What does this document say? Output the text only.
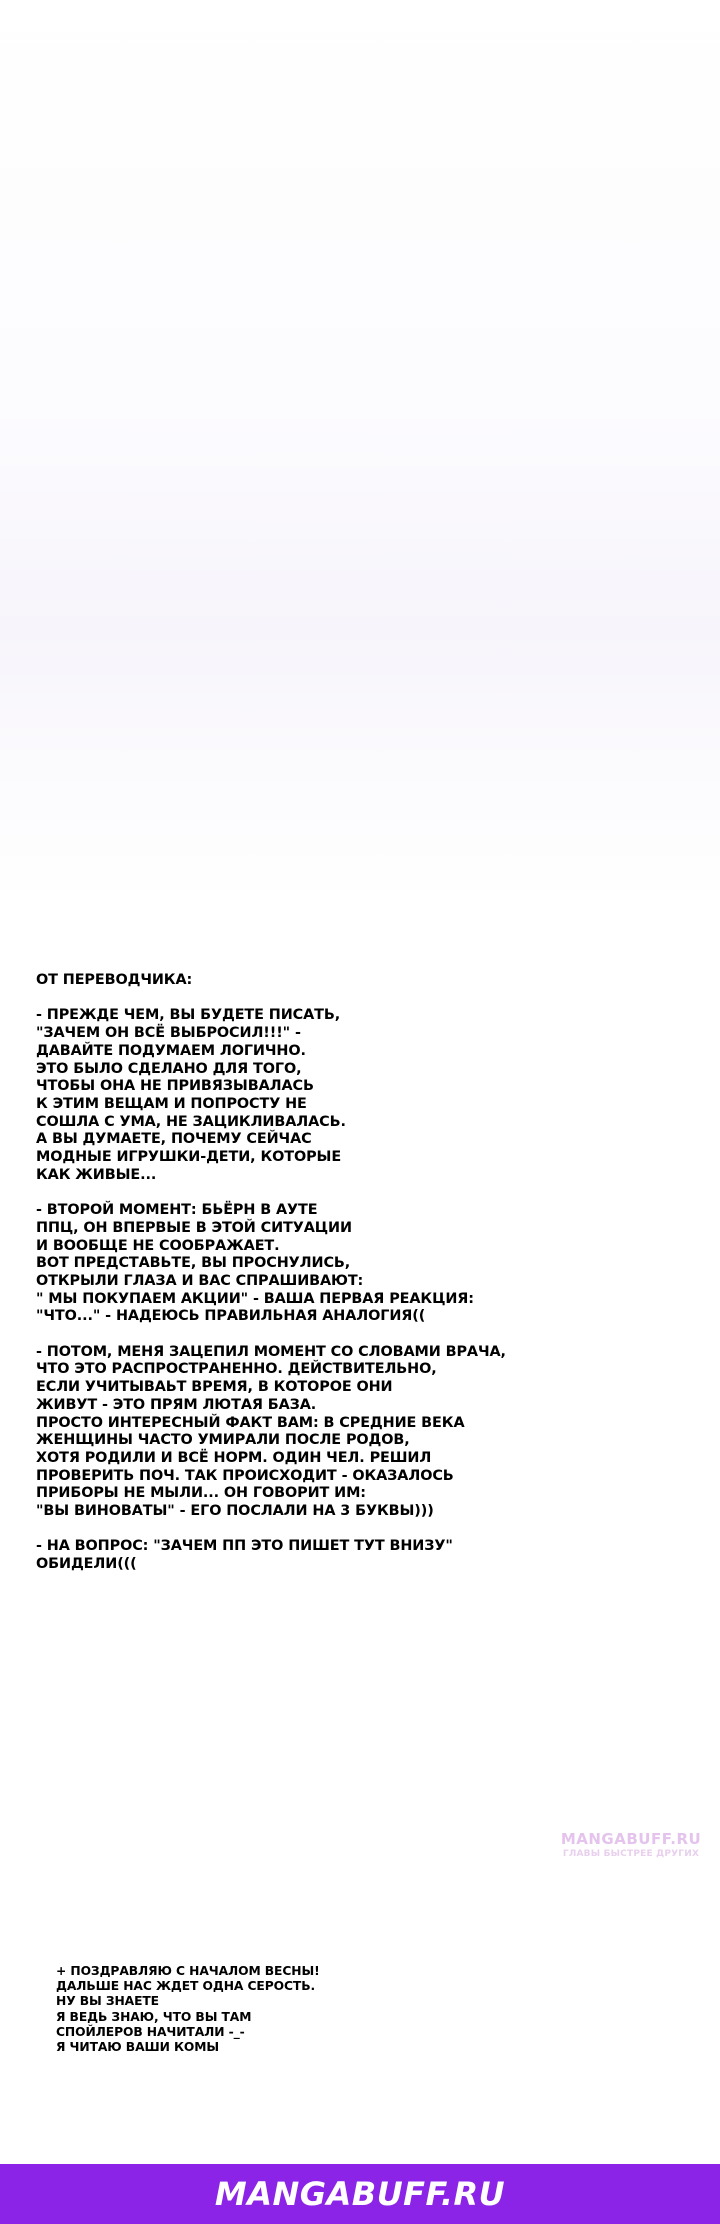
ОТ ПЕРЕВОДЧИКА:
- ПРЕЖДЕ ЧЕМ, ВЫ БУДЕТЕ ПИСАТЬ,
"ЗАЧЕМ ОН ВСЁ ВЫБРОСИЛ!!!" -
ДАВАЙТЕ ПОДУМАЕМ ЛОГИЧНО.
ЭТО БЫЛО СДЕЛАНО ДЛЯ ТОГО,
ЧТОБЫ ОНА НЕ ПРИВЯЗЫВАЛАСЬ
К ЭТИМ ВЕЩАМ И ПОПРОСТУ НЕ
СОШЛА С УМА, НЕ ЗАЦИКЛИВАЛАСЬ.
А ВЫ ДУМАЕТЕ, ПОЧЕМУ СЕЙЧАС
МОДНЫЕ ИГРУШКИ-ДЕТИ, КОТОРЫЕ
КАК ЖИВЫЕ...
- ВТОРОЙ МОМЕНТ: БЬЁРН В АУТЕ
ППЦ, ОН ВПЕРВЫЕ В ЭТОЙ СИТУАЦИИ
И ВООБЩЕ НЕ СООБРАЖАЕТ.
ВОТ ПРЕДСТАВЬТЕ, ВЫ ПРОСНУЛИСЬ,
ОТКРЫЛИ ГЛАЗА И ВАС СПРАШИВАЮТ:
" МЫ ПОКУПАЕМ АКЦИИ" - ВАША ПЕРВАЯ РЕАКЦИЯ:
"ЧТО..." - НАДЕЮСЬ ПРАВИЛЬНАЯ АНАЛОГИЯ((
- ПОТОМ, МЕНЯ ЗАЦЕПИЛ МОМЕНТ СО СЛОВАМИ ВРАЧА,
ЧТО ЭТО РАСПРОСТРАНЕННО. ДЕЙСТВИТЕЛЬНО,
ЕСЛИ УЧИТЫВАЬТ ВРЕМЯ, В КОТОРОЕ ОНИ
ЖИВУТ - ЭТО ПРЯМ ЛЮТАЯ БАЗА.
ПРОСТО ИНТЕРЕСНЫЙ ФАКТ ВАМ: В СРЕДНИЕ ВЕКА
ЖЕНЩИНЫ ЧАСТО УМИРАЛИ ПОСЛЕ РОДОВ,
ХОТЯ РОДИЛИ И ВСЁ НОРМ. ОДИН ЧЕЛ. РЕШИЛ
ПРОВЕРИТЬ ПОЧ. ТАК ПРОИСХОДИТ - ОКАЗАЛОСЬ
ПРИБОРЫ НЕ МЫЛИ... ОН ГОВОРИТ ИМ:
"ВЫ ВИНОВАТЫ" - ЕГО ПОСЛАЛИ НА 3 БУКВЫ)))
- НА ВОПРОС: "ЗАЧЕМ ПП ЭТО ПИШЕТ ТУТ ВНИЗУ"
ОБИДЕЛИ(((
MANGABUFF.RU
ГЛАВЫ БЫСТРЕЕ ДРУГИХ
+ ПОЗДРАВЛЯЮ С НАЧАЛОМ ВЕСНЫ!
ДАЛЬШЕ НАС ЖДЕТ ОДНА СЕРОСТЬ.
НУ ВЫ ЗНАЕТЕ
Я ВЕДЬ ЗНАЮ, ЧТО ВЫ ТАМ
СПОЙЛЕРОВ НАЧИТАЛИ -_-
Я ЧИТАЮ ВАШИ КОМЫ
MANGABUFF.RU
